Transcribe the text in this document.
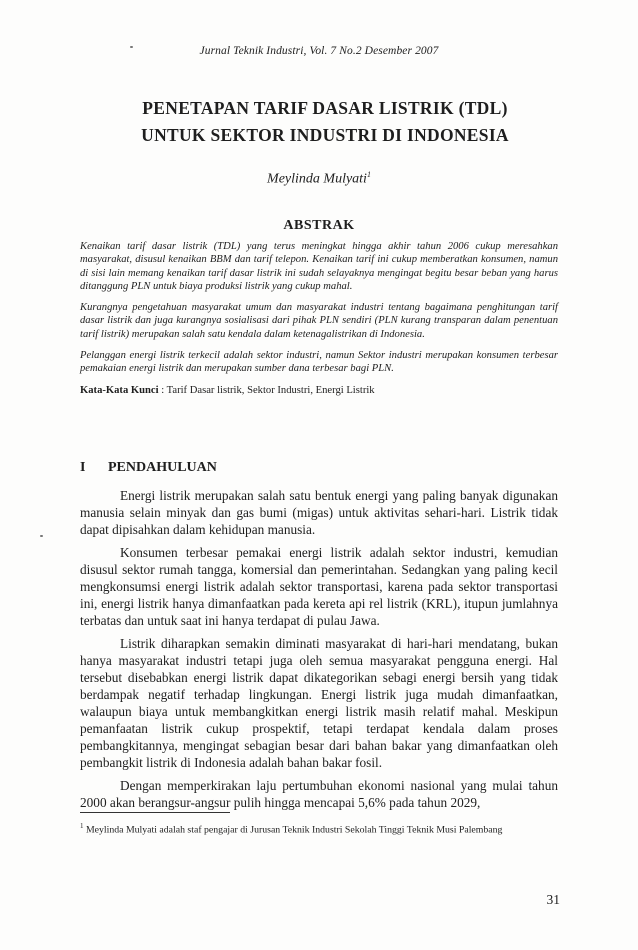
Jurnal Teknik Industri, Vol. 7 No.2 Desember 2007
PENETAPAN TARIF DASAR LISTRIK (TDL)
UNTUK SEKTOR INDUSTRI DI INDONESIA
Meylinda Mulyati$^1$
ABSTRAK

Kenaikan tarif dasar listrik (TDL) yang terus meningkat hingga akhir tahun 2006 cukup meresahkan masyarakat, disusul kenaikan BBM dan tarif telepon. Kenaikan tarif ini cukup memberatkan konsumen, namun di sisi lain memang kenaikan tarif dasar listrik ini sudah selayaknya mengingat begitu besar beban yang harus ditanggung PLN untuk biaya produksi listrik yang cukup mahal.

Kurangnya pengetahuan masyarakat umum dan masyarakat industri tentang bagaimana penghitungan tarif dasar listrik dan juga kurangnya sosialisasi dari pihak PLN sendiri (PLN kurang transparan dalam penentuan tarif listrik) merupakan salah satu kendala dalam ketenagalistrikan di Indonesia.

Pelanggan energi listrik terkecil adalah sektor industri, namun Sektor industri merupakan konsumen terbesar pemakaian energi listrik dan merupakan sumber dana terbesar bagi PLN.

Kata-Kata Kunci : Tarif Dasar listrik, Sektor Industri, Energi Listrik
I PENDAHULUAN

Energi listrik merupakan salah satu bentuk energi yang paling banyak digunakan manusia selain minyak dan gas bumi (migas) untuk aktivitas sehari-hari. Listrik tidak dapat dipisahkan dalam kehidupan manusia.

Konsumen terbesar pemakai energi listrik adalah sektor industri, kemudian disusul sektor rumah tangga, komersial dan pemerintahan. Sedangkan yang paling kecil mengkonsumsi energi listrik adalah sektor transportasi, karena pada sektor transportasi ini, energi listrik hanya dimanfaatkan pada kereta api rel listrik (KRL), itupun jumlahnya terbatas dan untuk saat ini hanya terdapat di pulau Jawa.

Listrik diharapkan semakin diminati masyarakat di hari-hari mendatang, bukan hanya masyarakat industri tetapi juga oleh semua masyarakat pengguna energi. Hal tersebut disebabkan energi listrik dapat dikategorikan sebagi energi bersih yang tidak berdampak negatif terhadap lingkungan. Energi listrik juga mudah dimanfaatkan, walaupun biaya untuk membangkitkan energi listrik masih relatif mahal. Meskipun pemanfaatan listrik cukup prospektif, tetapi terdapat kendala dalam proses pembangkitannya, mengingat sebagian besar dari bahan bakar yang dimanfaatkan oleh pembangkit listrik di Indonesia adalah bahan bakar fosil.

Dengan memperkirakan laju pertumbuhan ekonomi nasional yang mulai tahun 2000 akan berangsur-angsur pulih hingga mencapai 5,6% pada tahun 2029,

$^1$ Meylinda Mulyati adalah staf pengajar di Jurusan Teknik Industri Sekolah Tinggi Teknik Musi Palembang
31
